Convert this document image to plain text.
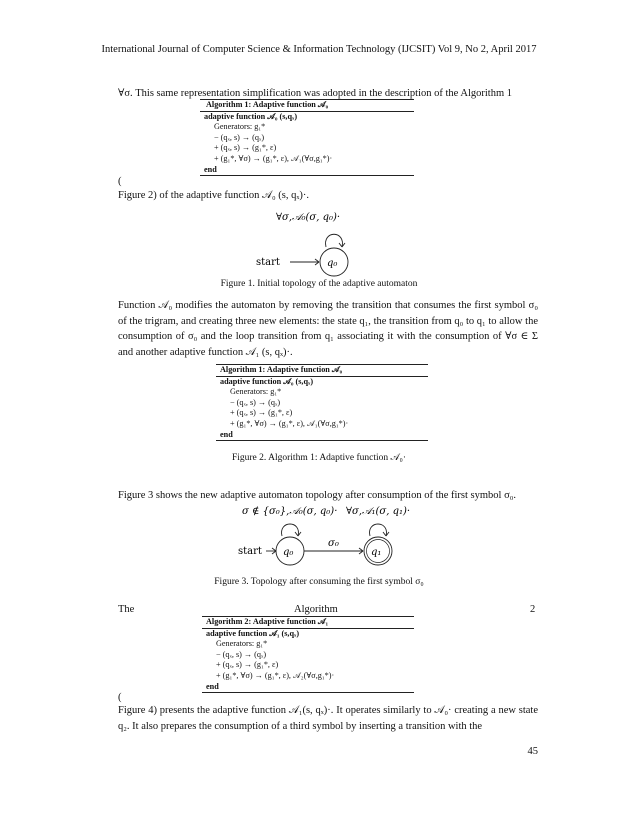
International Journal of Computer Science & Information Technology (IJCSIT) Vol 9, No 2, April 2017
∀σ. This same representation simplification was adopted in the description of the Algorithm 1
Algorithm 1: Adaptive function 𝒜₀
adaptive function 𝒜₀ (s,qₓ)
Generators: g₁*
− (qₓ, s) → (qₓ)
+ (qₓ, s) → (g₁*, ε)
+ (g₁*, ∀σ) → (g₁*, ε), 𝒜₁(∀σ,g₁*)·
end
(
Figure 2) of the adaptive function 𝒜₀ (s, qₓ)·.
∀σ,𝒜₀(σ, q₀)·
start	q₀
Figure 1. Initial topology of the adaptive automaton
Function 𝒜₀ modifies the automaton by removing the transition that consumes the first symbol σ₀ of the trigram, and creating three new elements: the state q₁, the transition from q₀ to q₁ to allow the consumption of σ₀ and the loop transition from q₁ associating it with the consumption of ∀σ ∈ Σ and another adaptive function 𝒜₁ (s, qₓ)·.
Algorithm 1: Adaptive function 𝒜₀
adaptive function 𝒜₀ (s,qₓ)
Generators: g₁*
− (qₓ, s) → (qₓ)
+ (qₓ, s) → (g₁*, ε)
+ (g₁*, ∀σ) → (g₁*, ε), 𝒜₁(∀σ,g₁*)·
end
Figure 2. Algorithm 1: Adaptive function 𝒜₀·
Figure 3 shows the new adaptive automaton topology after consumption of the first symbol σ₀.
σ ∉ {σ₀},𝒜₀(σ, q₀)· ∀σ,𝒜₁(σ, q₁)·
start q₀
σ₀
q₁
Figure 3. Topology after consuming the first symbol σ₀
The	Algorithm	2
Algorithm 2: Adaptive function 𝒜₁
adaptive function 𝒜₁ (s,qₓ)
Generators: g₁*
− (qₓ, s) → (qₓ)
+ (qₓ, s) → (g₁*, ε)
+ (g₁*, ∀σ) → (g₁*, ε), 𝒜₂(∀σ,g₁*)·
end
(
Figure 4) presents the adaptive function 𝒜₁(s, qₓ)·. It operates similarly to 𝒜₀· creating a new state q₂. It also prepares the consumption of a third symbol by inserting a transition with the
45
